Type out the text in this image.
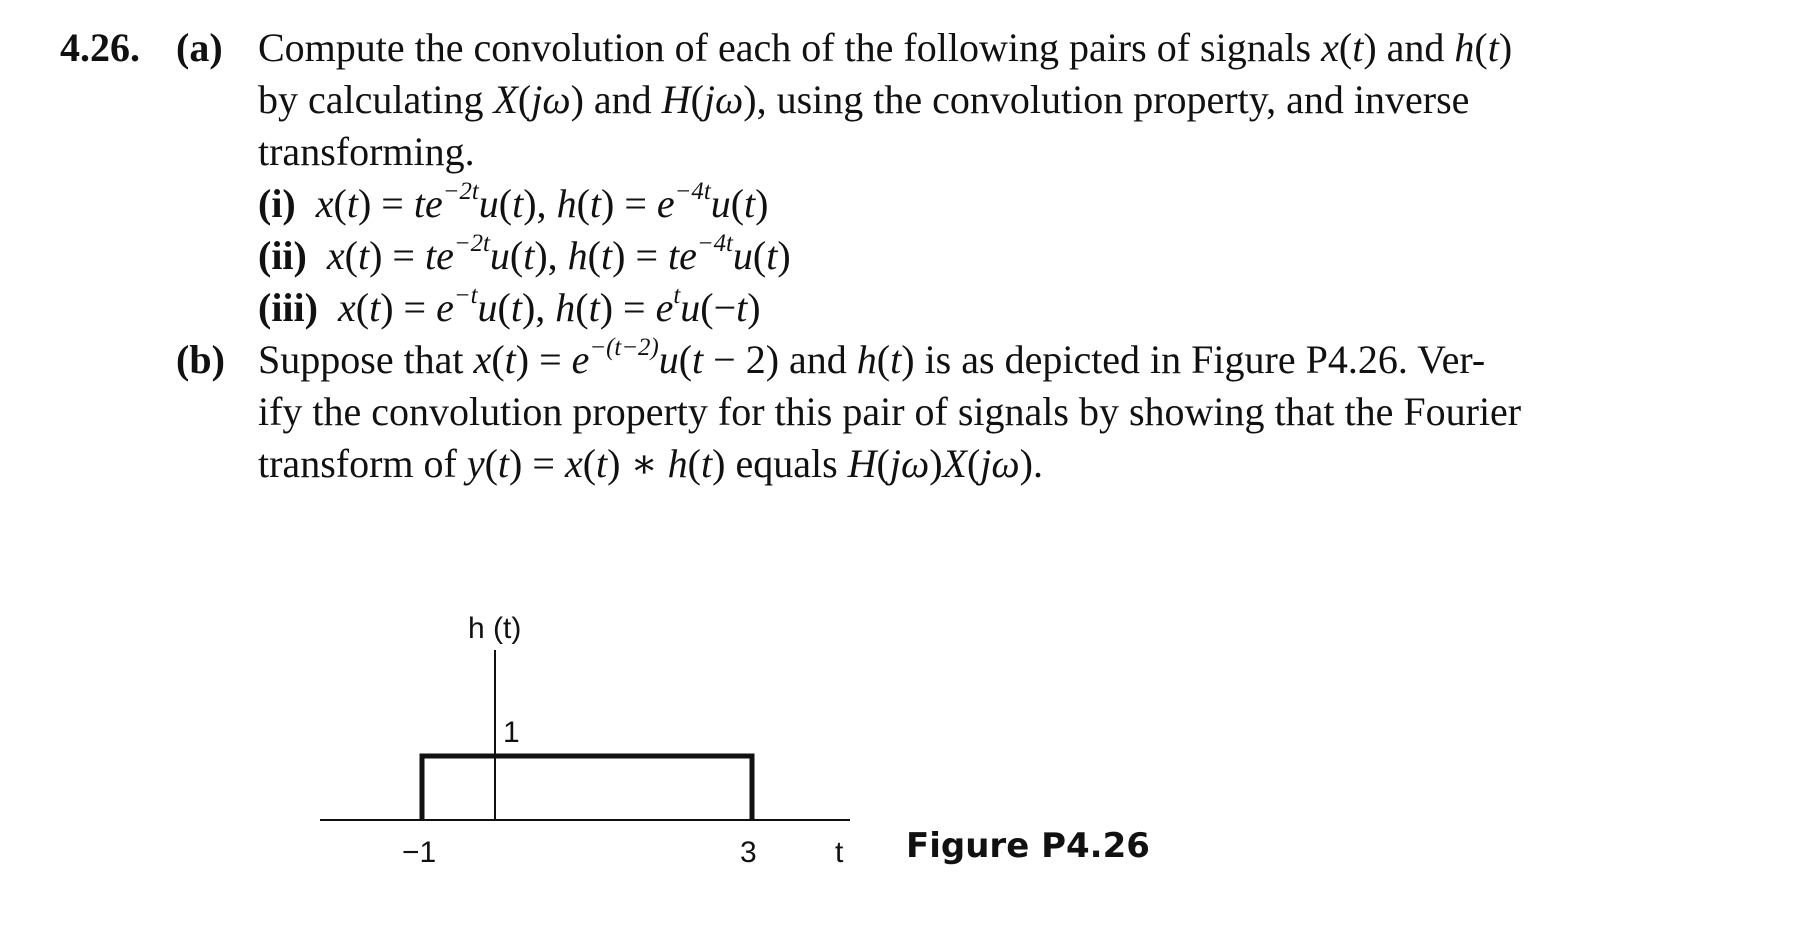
4.26. (a) Compute the convolution of each of the following pairs of signals x(t) and h(t)
by calculating X(jω) and H(jω), using the convolution property, and inverse
transforming.
(i) $x(t) = te^{-2t}u(t)$, $h(t) = e^{-4t}u(t)$
(ii) $x(t) = te^{-2t}u(t)$, $h(t) = te^{-4t}u(t)$
(iii) $x(t) = e^{-t}u(t)$, $h(t) = e^tu(-t)$
(b) Suppose that $x(t) = e^{-(t-2)}u(t - 2)$ and h(t) is as depicted in Figure P4.26. Ver-
ify the convolution property for this pair of signals by showing that the Fourier
transform of y(t) = x(t) ∗ h(t) equals H(jω)X(jω).
h (t)
1
−1	3	t Figure P4.26
